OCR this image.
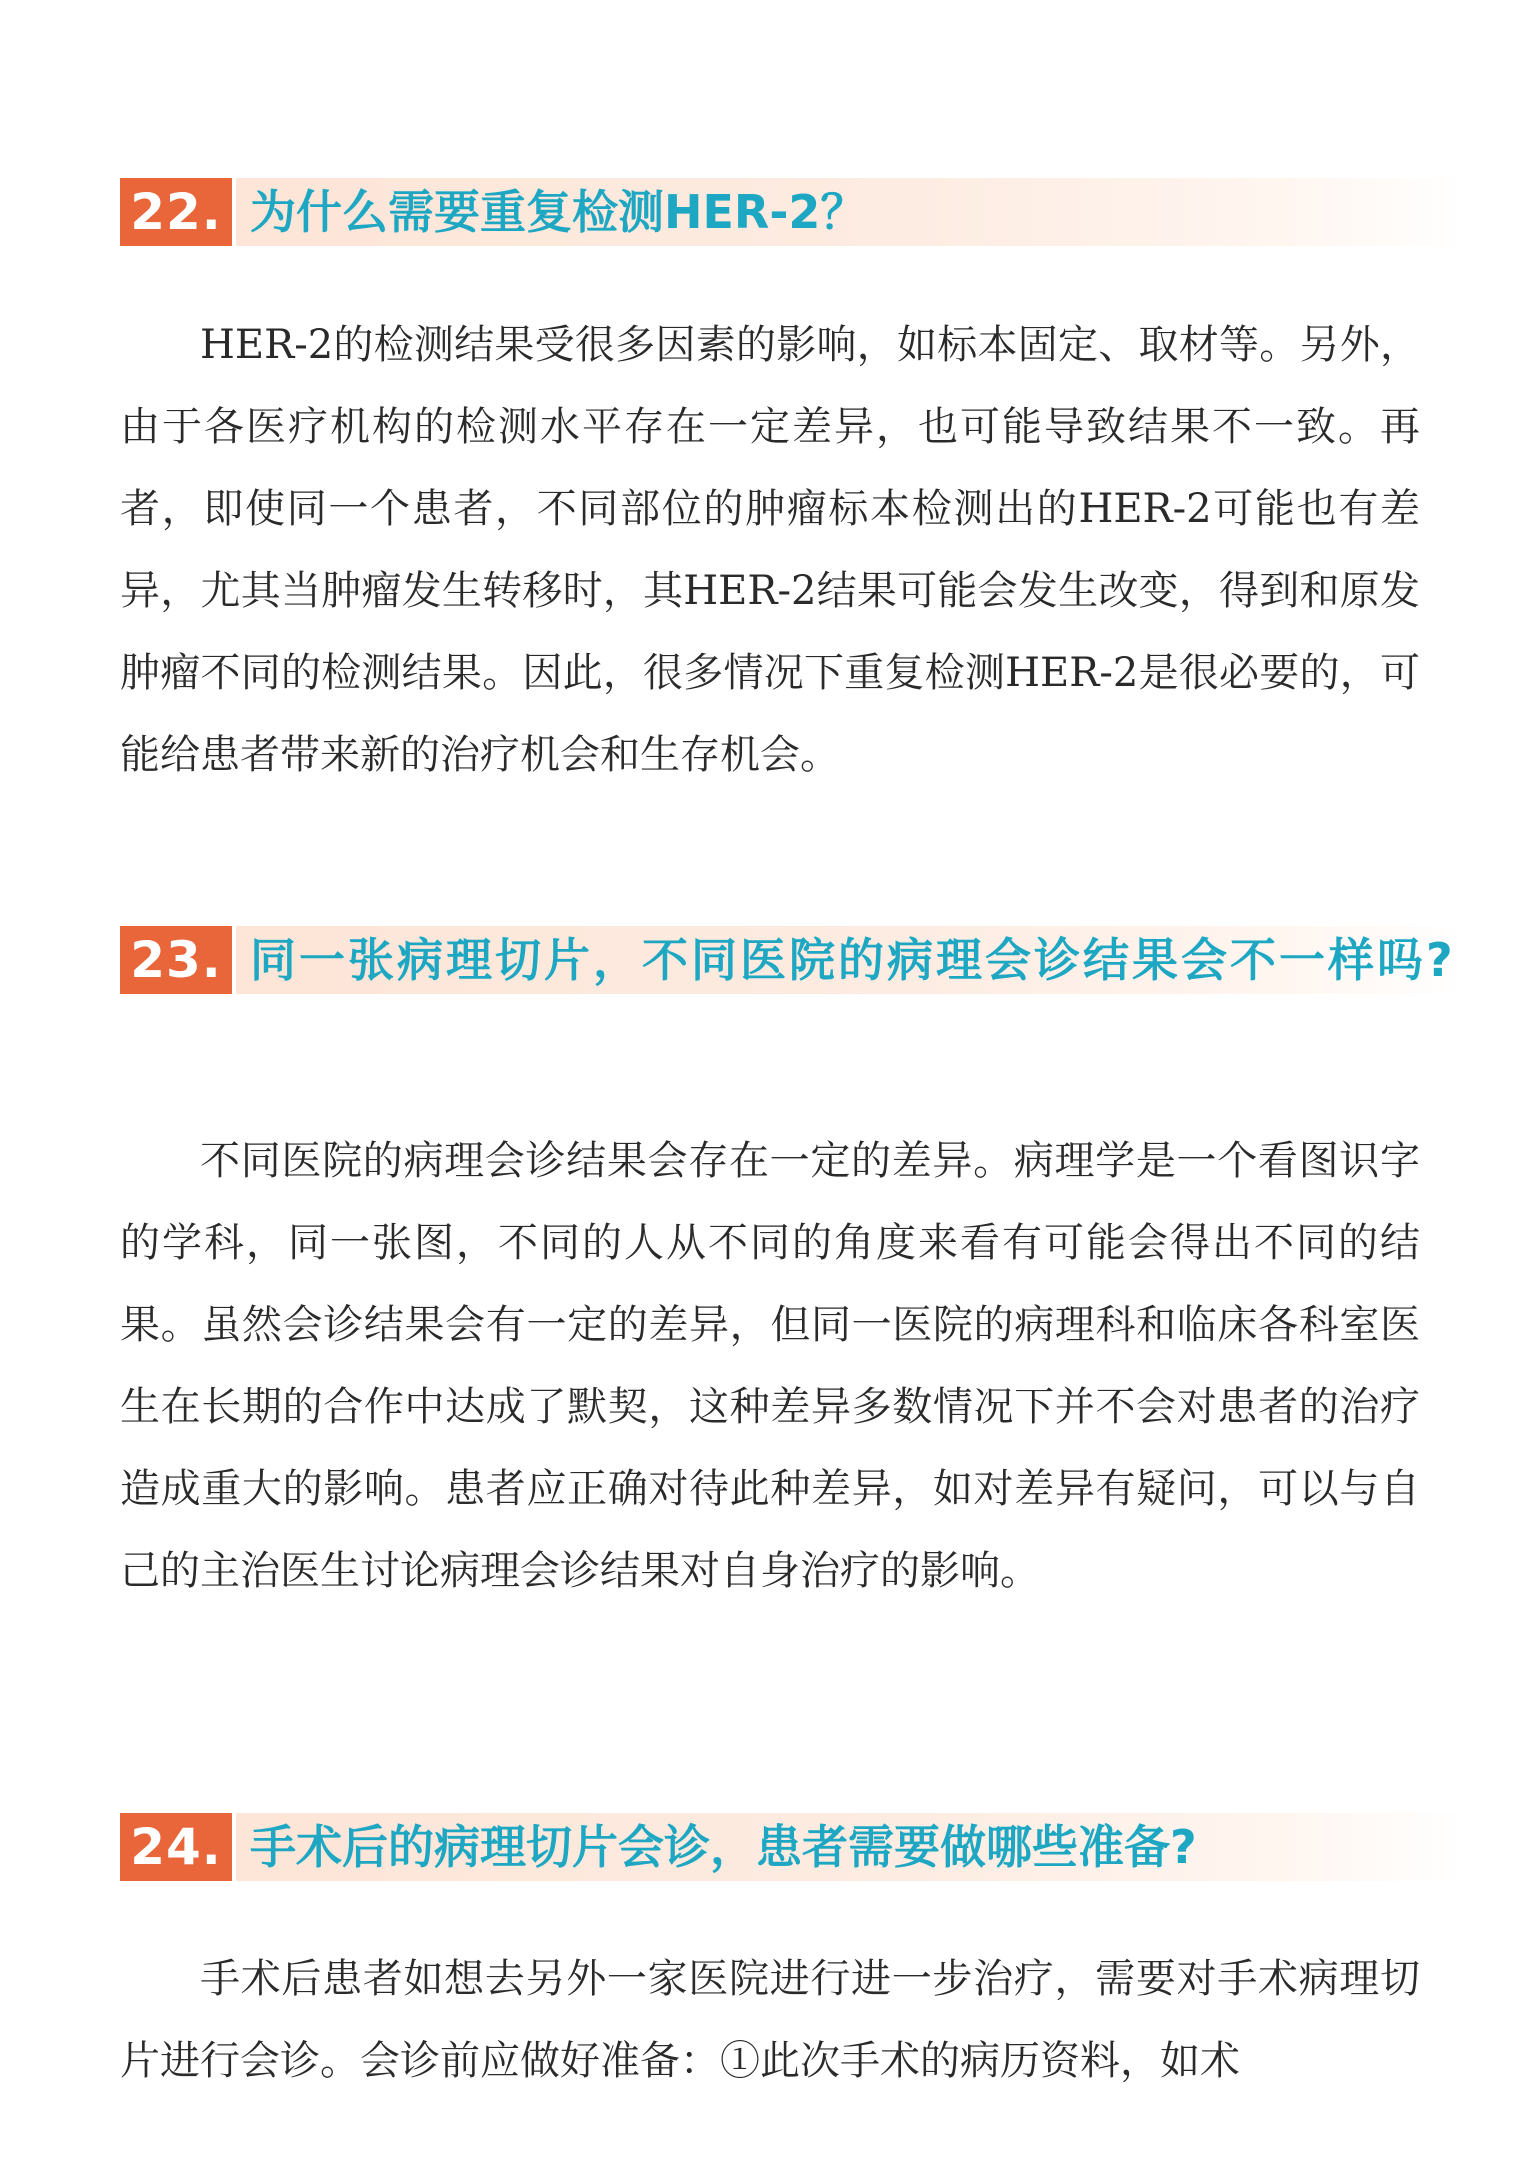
22. 为什么需要重复检测HER-2？

HER-2的检测结果受很多因素的影响，如标本固定、取材等。另外，由于各医疗机构的检测水平存在一定差异，也可能导致结果不一致。再者，即使同一个患者，不同部位的肿瘤标本检测出的HER-2可能也有差异，尤其当肿瘤发生转移时，其HER-2结果可能会发生改变，得到和原发肿瘤不同的检测结果。因此，很多情况下重复检测HER-2是很必要的，可能给患者带来新的治疗机会和生存机会。

23. 同一张病理切片，不同医院的病理会诊结果会不一样吗?

不同医院的病理会诊结果会存在一定的差异。病理学是一个看图识字的学科，同一张图，不同的人从不同的角度来看有可能会得出不同的结果。虽然会诊结果会有一定的差异，但同一医院的病理科和临床各科室医生在长期的合作中达成了默契，这种差异多数情况下并不会对患者的治疗造成重大的影响。患者应正确对待此种差异，如对差异有疑问，可以与自己的主治医生讨论病理会诊结果对自身治疗的影响。

24. 手术后的病理切片会诊，患者需要做哪些准备?

手术后患者如想去另外一家医院进行进一步治疗，需要对手术病理切片进行会诊。会诊前应做好准备：①此次手术的病历资料，如术
